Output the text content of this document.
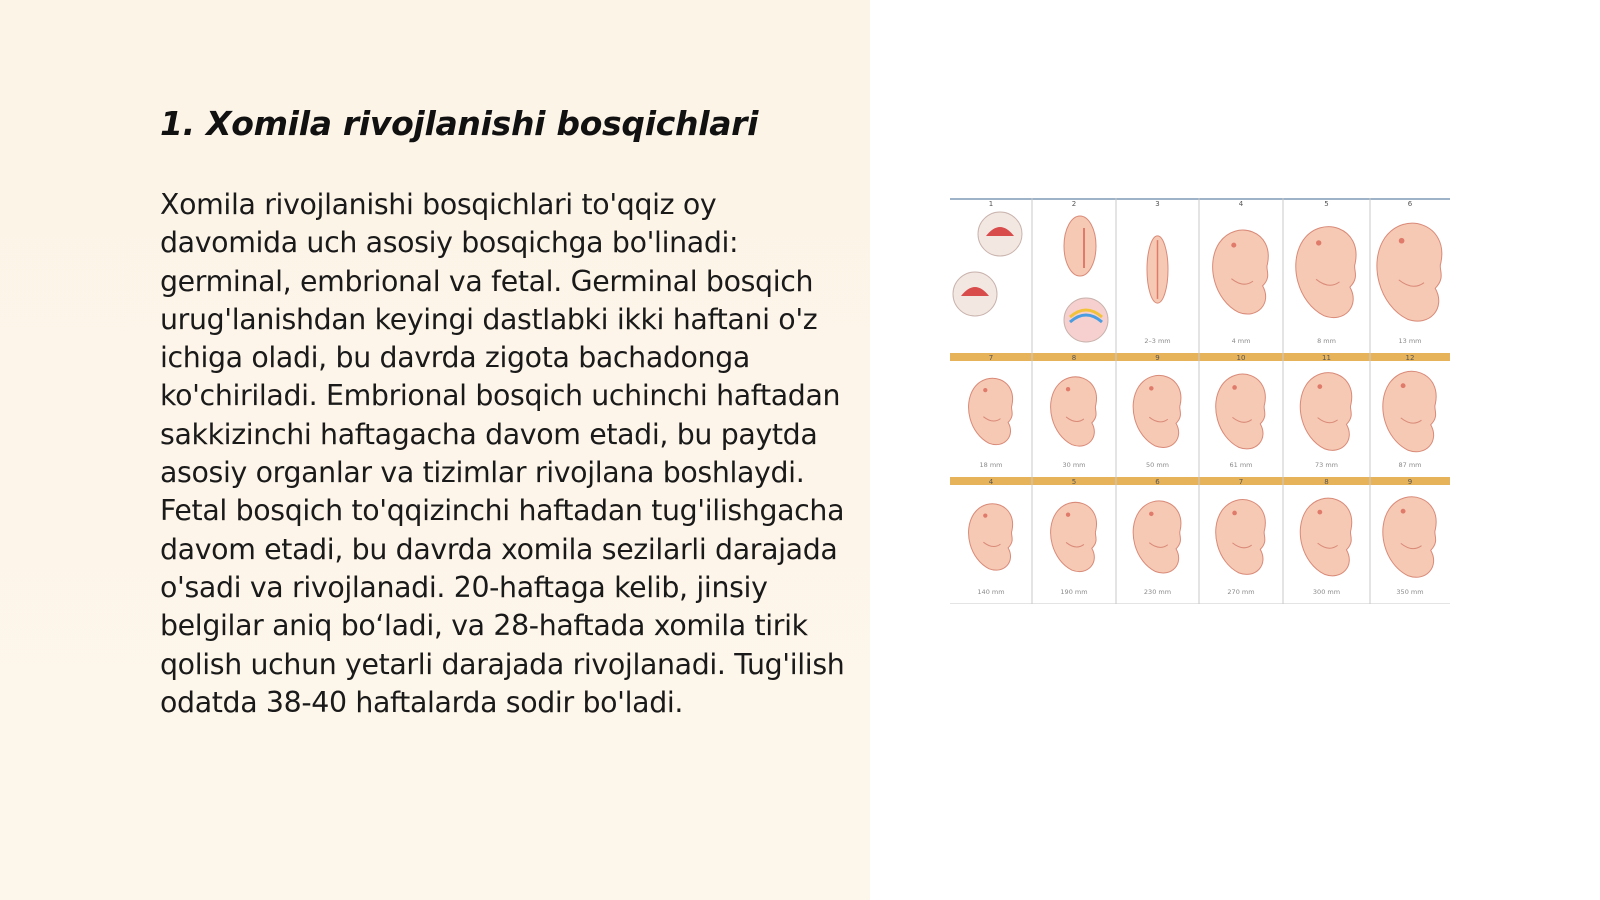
1. Xomila rivojlanishi bosqichlari

Xomila rivojlanishi bosqichlari to'qqiz oy davomida uch asosiy bosqichga bo'linadi: germinal, embrional va fetal. Germinal bosqich urug'lanishdan keyingi dastlabki ikki haftani o'z ichiga oladi, bu davrda zigota bachadonga ko'chiriladi. Embrional bosqich uchinchi haftadan sakkizinchi haftagacha davom etadi, bu paytda asosiy organlar va tizimlar rivojlana boshlaydi. Fetal bosqich to'qqizinchi haftadan tug'ilishgacha davom etadi, bu davrda xomila sezilarli darajada o'sadi va rivojlanadi. 20-haftaga kelib, jinsiy belgilar aniq bo‘ladi, va 28-haftada xomila tirik qolish uchun yetarli darajada rivojlanadi. Tug'ilish odatda 38-40 haftalarda sodir bo'ladi.

1	2	3
2–3 mm
4
4 mm
5
8 mm
6
13 mm
7
18 mm
8
30 mm
9
50 mm
10
61 mm
11
73 mm
12
87 mm
4
140 mm
5
190 mm
6
230 mm
7
270 mm
8
300 mm
9
350 mm
